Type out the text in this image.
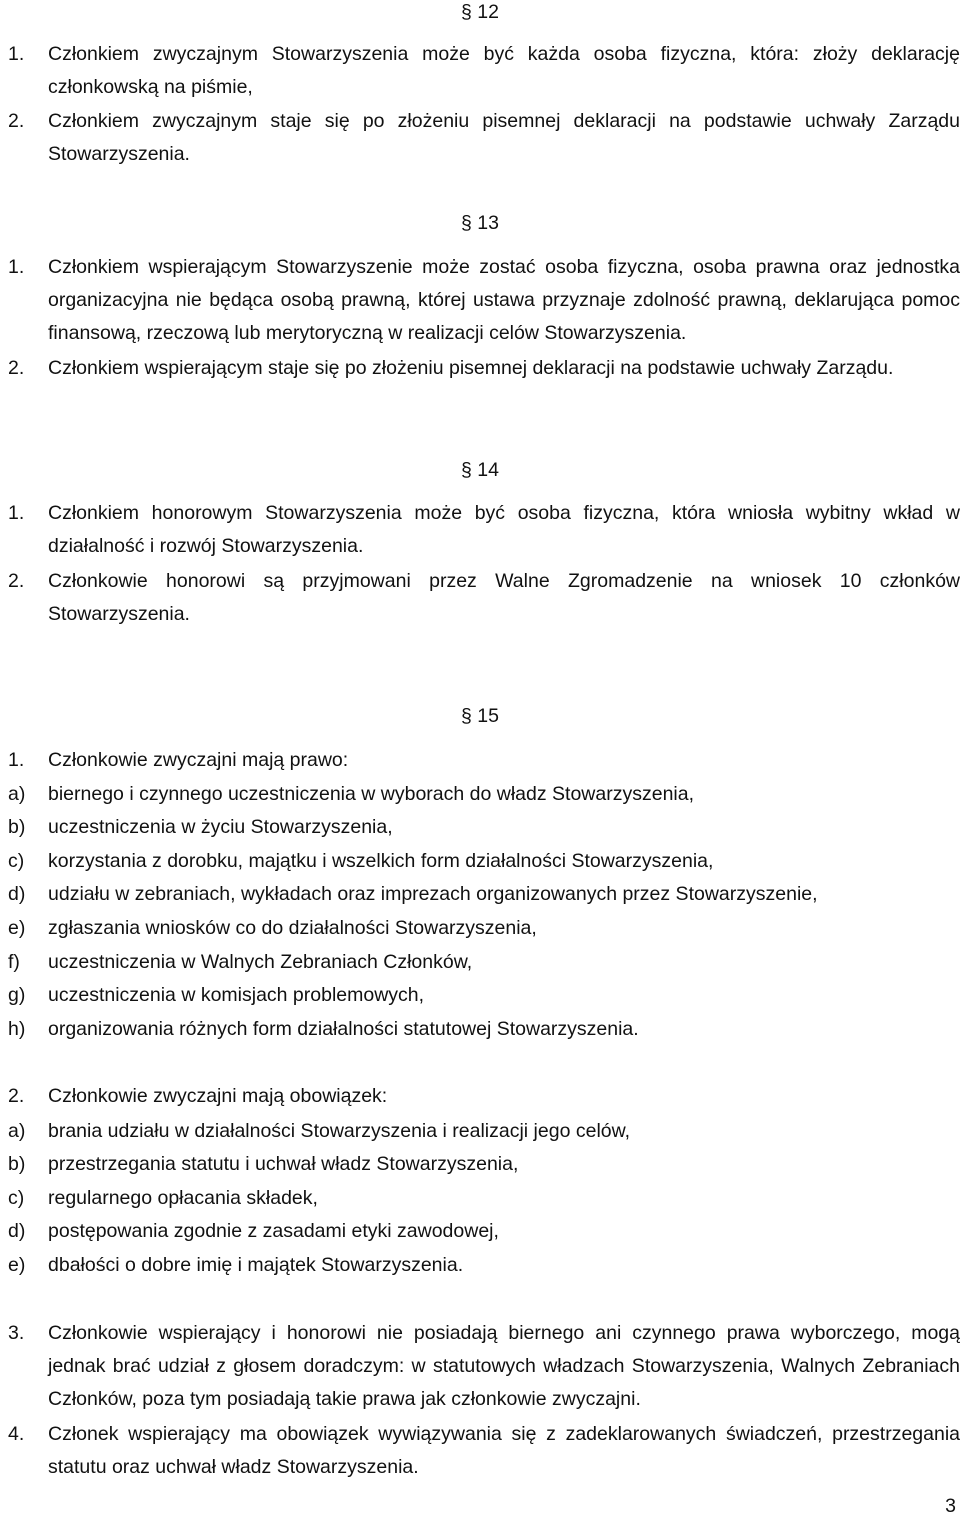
§ 12
1. Członkiem zwyczajnym Stowarzyszenia może być każda osoba fizyczna, która: złoży deklarację członkowską na piśmie,

2. Członkiem zwyczajnym staje się po złożeniu pisemnej deklaracji na podstawie uchwały Zarządu Stowarzyszenia.

§ 13
1. Członkiem wspierającym Stowarzyszenie może zostać osoba fizyczna, osoba prawna oraz jednostka organizacyjna nie będąca osobą prawną, której ustawa przyznaje zdolność prawną, deklarująca pomoc finansową, rzeczową lub merytoryczną w realizacji celów Stowarzyszenia.

2. Członkiem wspierającym staje się po złożeniu pisemnej deklaracji na podstawie uchwały Zarządu.

§ 14
1. Członkiem honorowym Stowarzyszenia może być osoba fizyczna, która wniosła wybitny wkład w działalność i rozwój Stowarzyszenia.

2. Członkowie honorowi są przyjmowani przez Walne Zgromadzenie na wniosek 10 członków Stowarzyszenia.

§ 15
1. Członkowie zwyczajni mają prawo:

a) biernego i czynnego uczestniczenia w wyborach do władz Stowarzyszenia,

b) uczestniczenia w życiu Stowarzyszenia,

c) korzystania z dorobku, majątku i wszelkich form działalności Stowarzyszenia,

d) udziału w zebraniach, wykładach oraz imprezach organizowanych przez Stowarzyszenie,

e) zgłaszania wniosków co do działalności Stowarzyszenia,

f) uczestniczenia w Walnych Zebraniach Członków,

g) uczestniczenia w komisjach problemowych,

h) organizowania różnych form działalności statutowej Stowarzyszenia.

2. Członkowie zwyczajni mają obowiązek:

a) brania udziału w działalności Stowarzyszenia i realizacji jego celów,

b) przestrzegania statutu i uchwał władz Stowarzyszenia,

c) regularnego opłacania składek,

d) postępowania zgodnie z zasadami etyki zawodowej,

e) dbałości o dobre imię i majątek Stowarzyszenia.

3. Członkowie wspierający i honorowi nie posiadają biernego ani czynnego prawa wyborczego, mogą jednak brać udział z głosem doradczym: w statutowych władzach Stowarzyszenia, Walnych Zebraniach Członków, poza tym posiadają takie prawa jak członkowie zwyczajni.

4. Członek wspierający ma obowiązek wywiązywania się z zadeklarowanych świadczeń, przestrzegania statutu oraz uchwał władz Stowarzyszenia.

3
